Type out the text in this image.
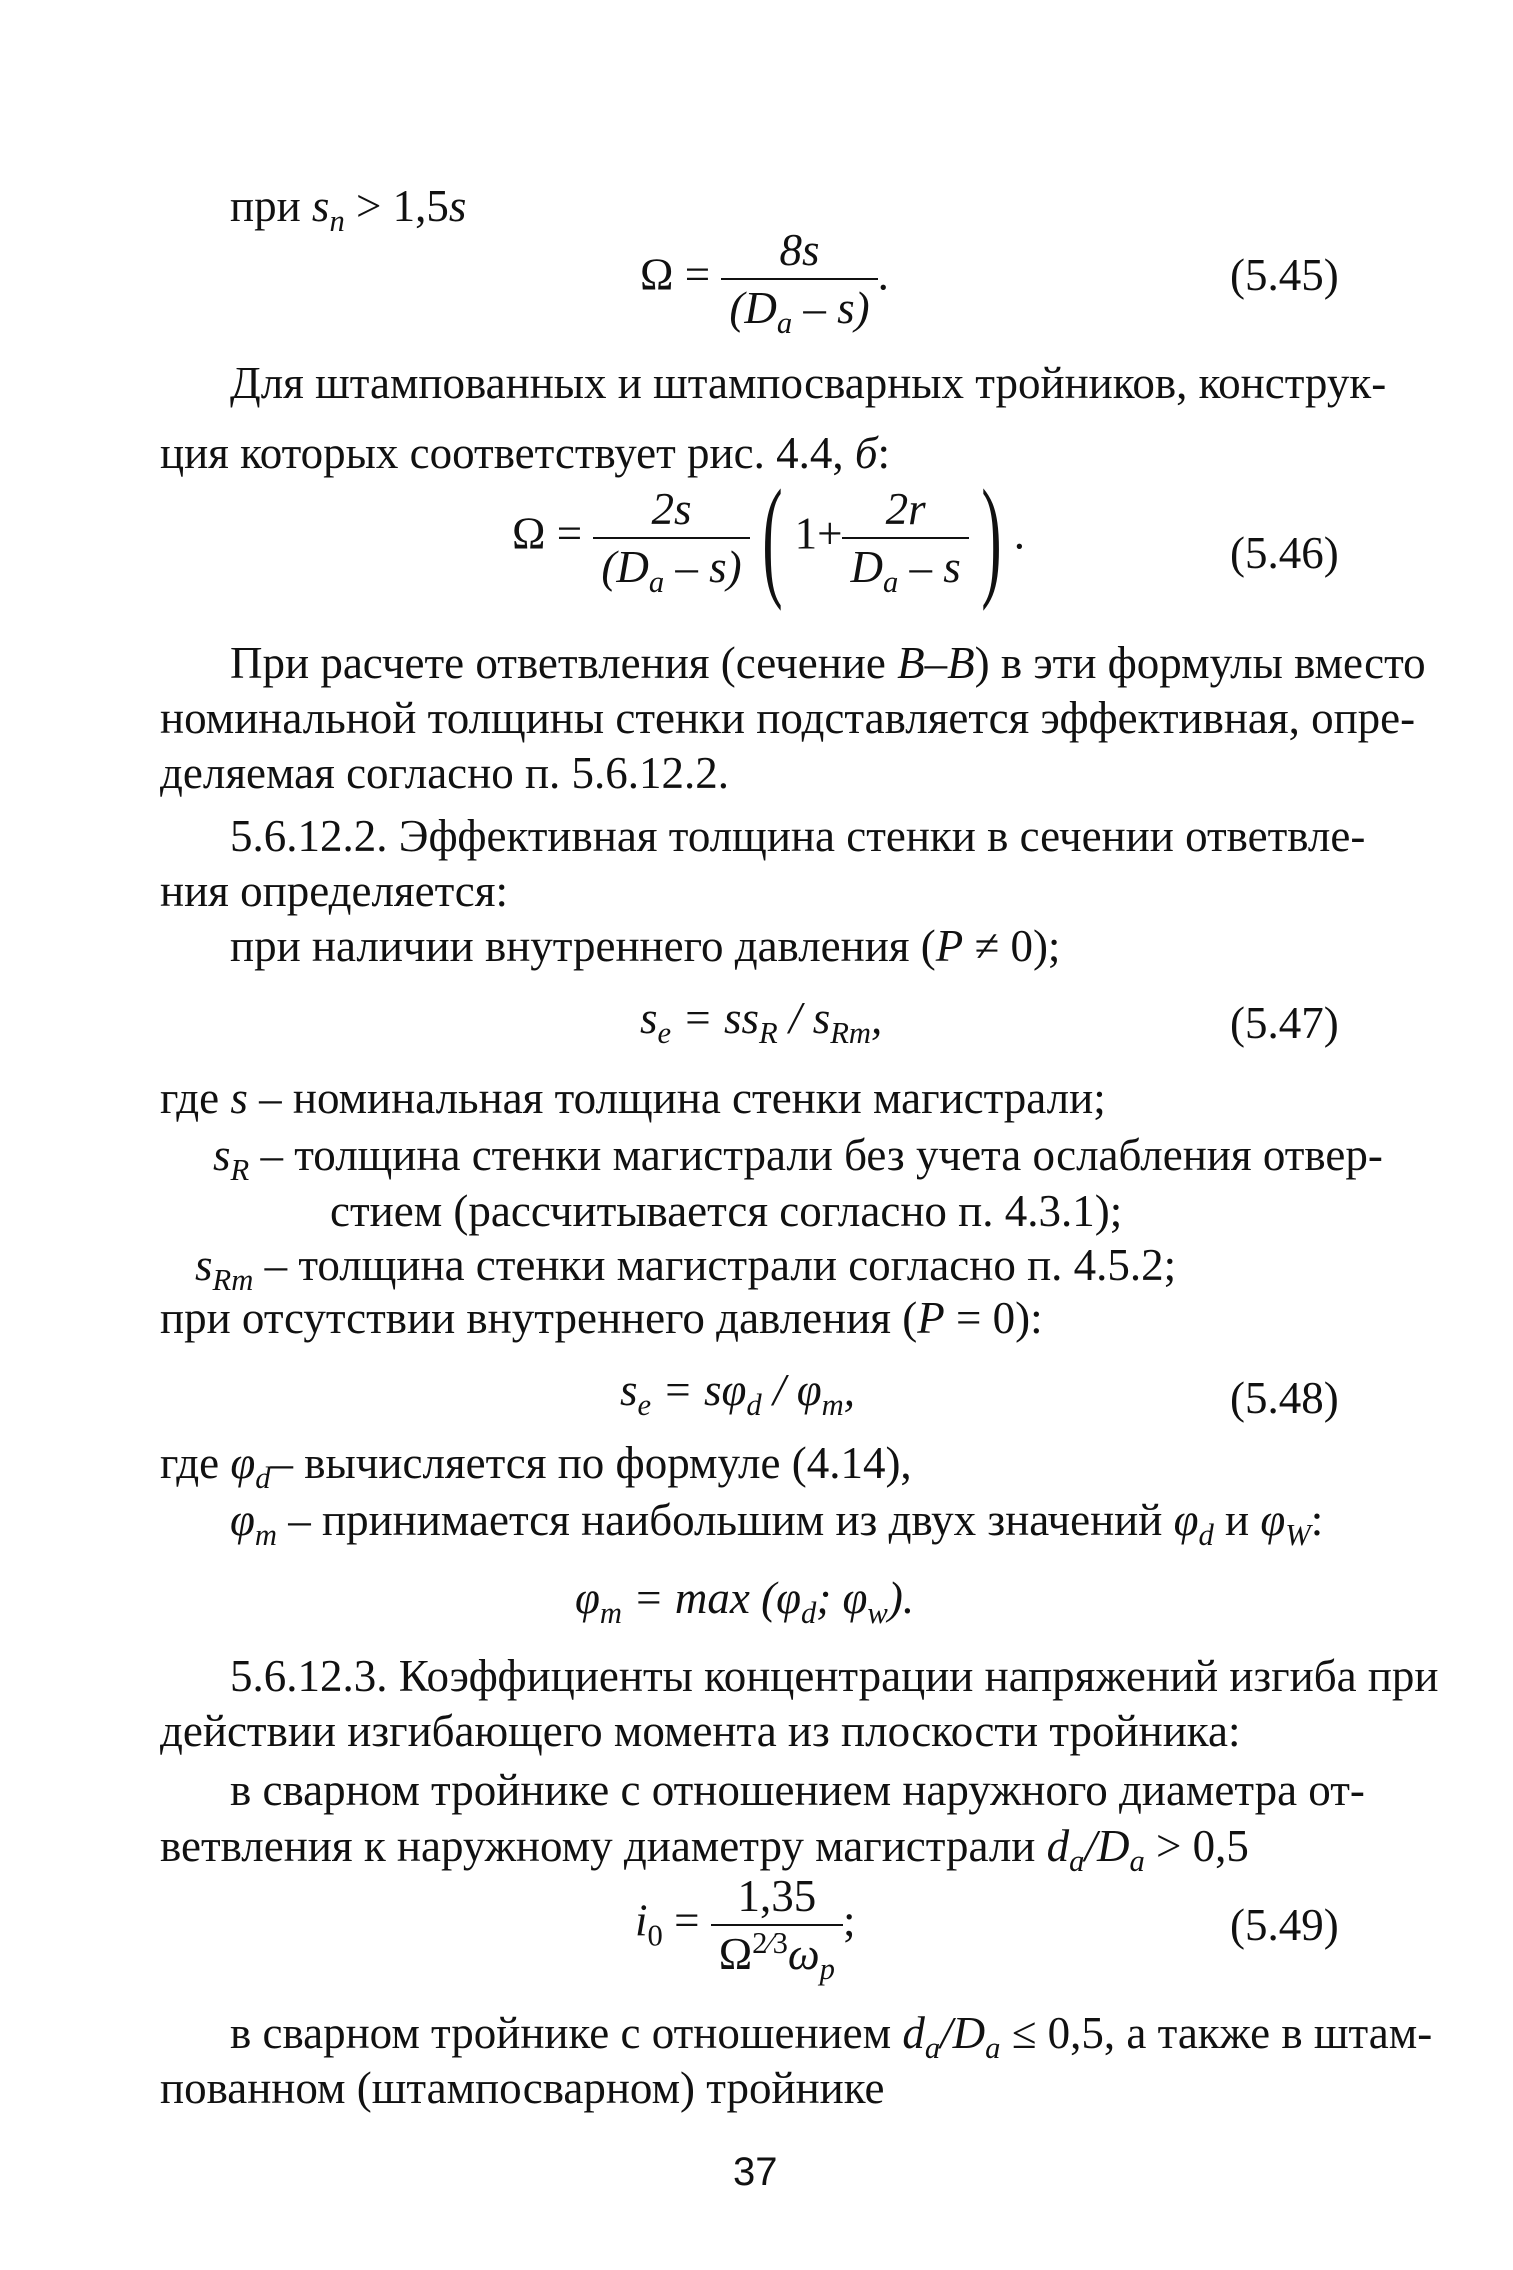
при $s_n > 1,5s$
$\Omega = \frac{8s}{(D_a - s)}$ .	(5.45)
Для штампованных и штампосварных тройников, конструк-
ция которых соответствует рис. 4.4, б:
$\Omega = \frac{2s}{(D_a - s)}$ ( $1+ \frac{2r}{D_a - s}$ ) .	(5.46)
При расчете ответвления (сечение B–B) в эти формулы вместо
номинальной толщины стенки подставляется эффективная, опре-
деляемая согласно п. 5.6.12.2.
5.6.12.2. Эффективная толщина стенки в сечении ответвле-
ния определяется:
при наличии внутреннего давления (P ≠ 0);
$s_e = ss_R / s_{Rm}$,	(5.47)
где s – номинальная толщина стенки магистрали;
$s_R$ – толщина стенки магистрали без учета ослабления отвер-
стием (рассчитывается согласно п. 4.3.1);
$s_{Rm}$ – толщина стенки магистрали согласно п. 4.5.2;
при отсутствии внутреннего давления (P = 0):
$s_e = s\varphi_d / \varphi_m$,	(5.48)
где $\varphi_d-$ вычисляется по формуле (4.14),
$\varphi_m$ – принимается наибольшим из двух значений $\varphi_d$ и $\varphi_W$:
$\varphi_m = \max (\varphi_d$; $\varphi_w$).
5.6.12.3. Коэффициенты концентрации напряжений изгиба при
действии изгибающего момента из плоскости тройника:
в сварном тройнике с отношением наружного диаметра от-
ветвления к наружному диаметру магистрали $d_a/D_a > 0,5$
$i_0 = \frac{1,35}{\Omega^{2⁄3}\omega_p}$ ;	(5.49)
в сварном тройнике с отношением $d_a/D_a \le 0,5$, а также в штам-
пованном (штампосварном) тройнике
37
